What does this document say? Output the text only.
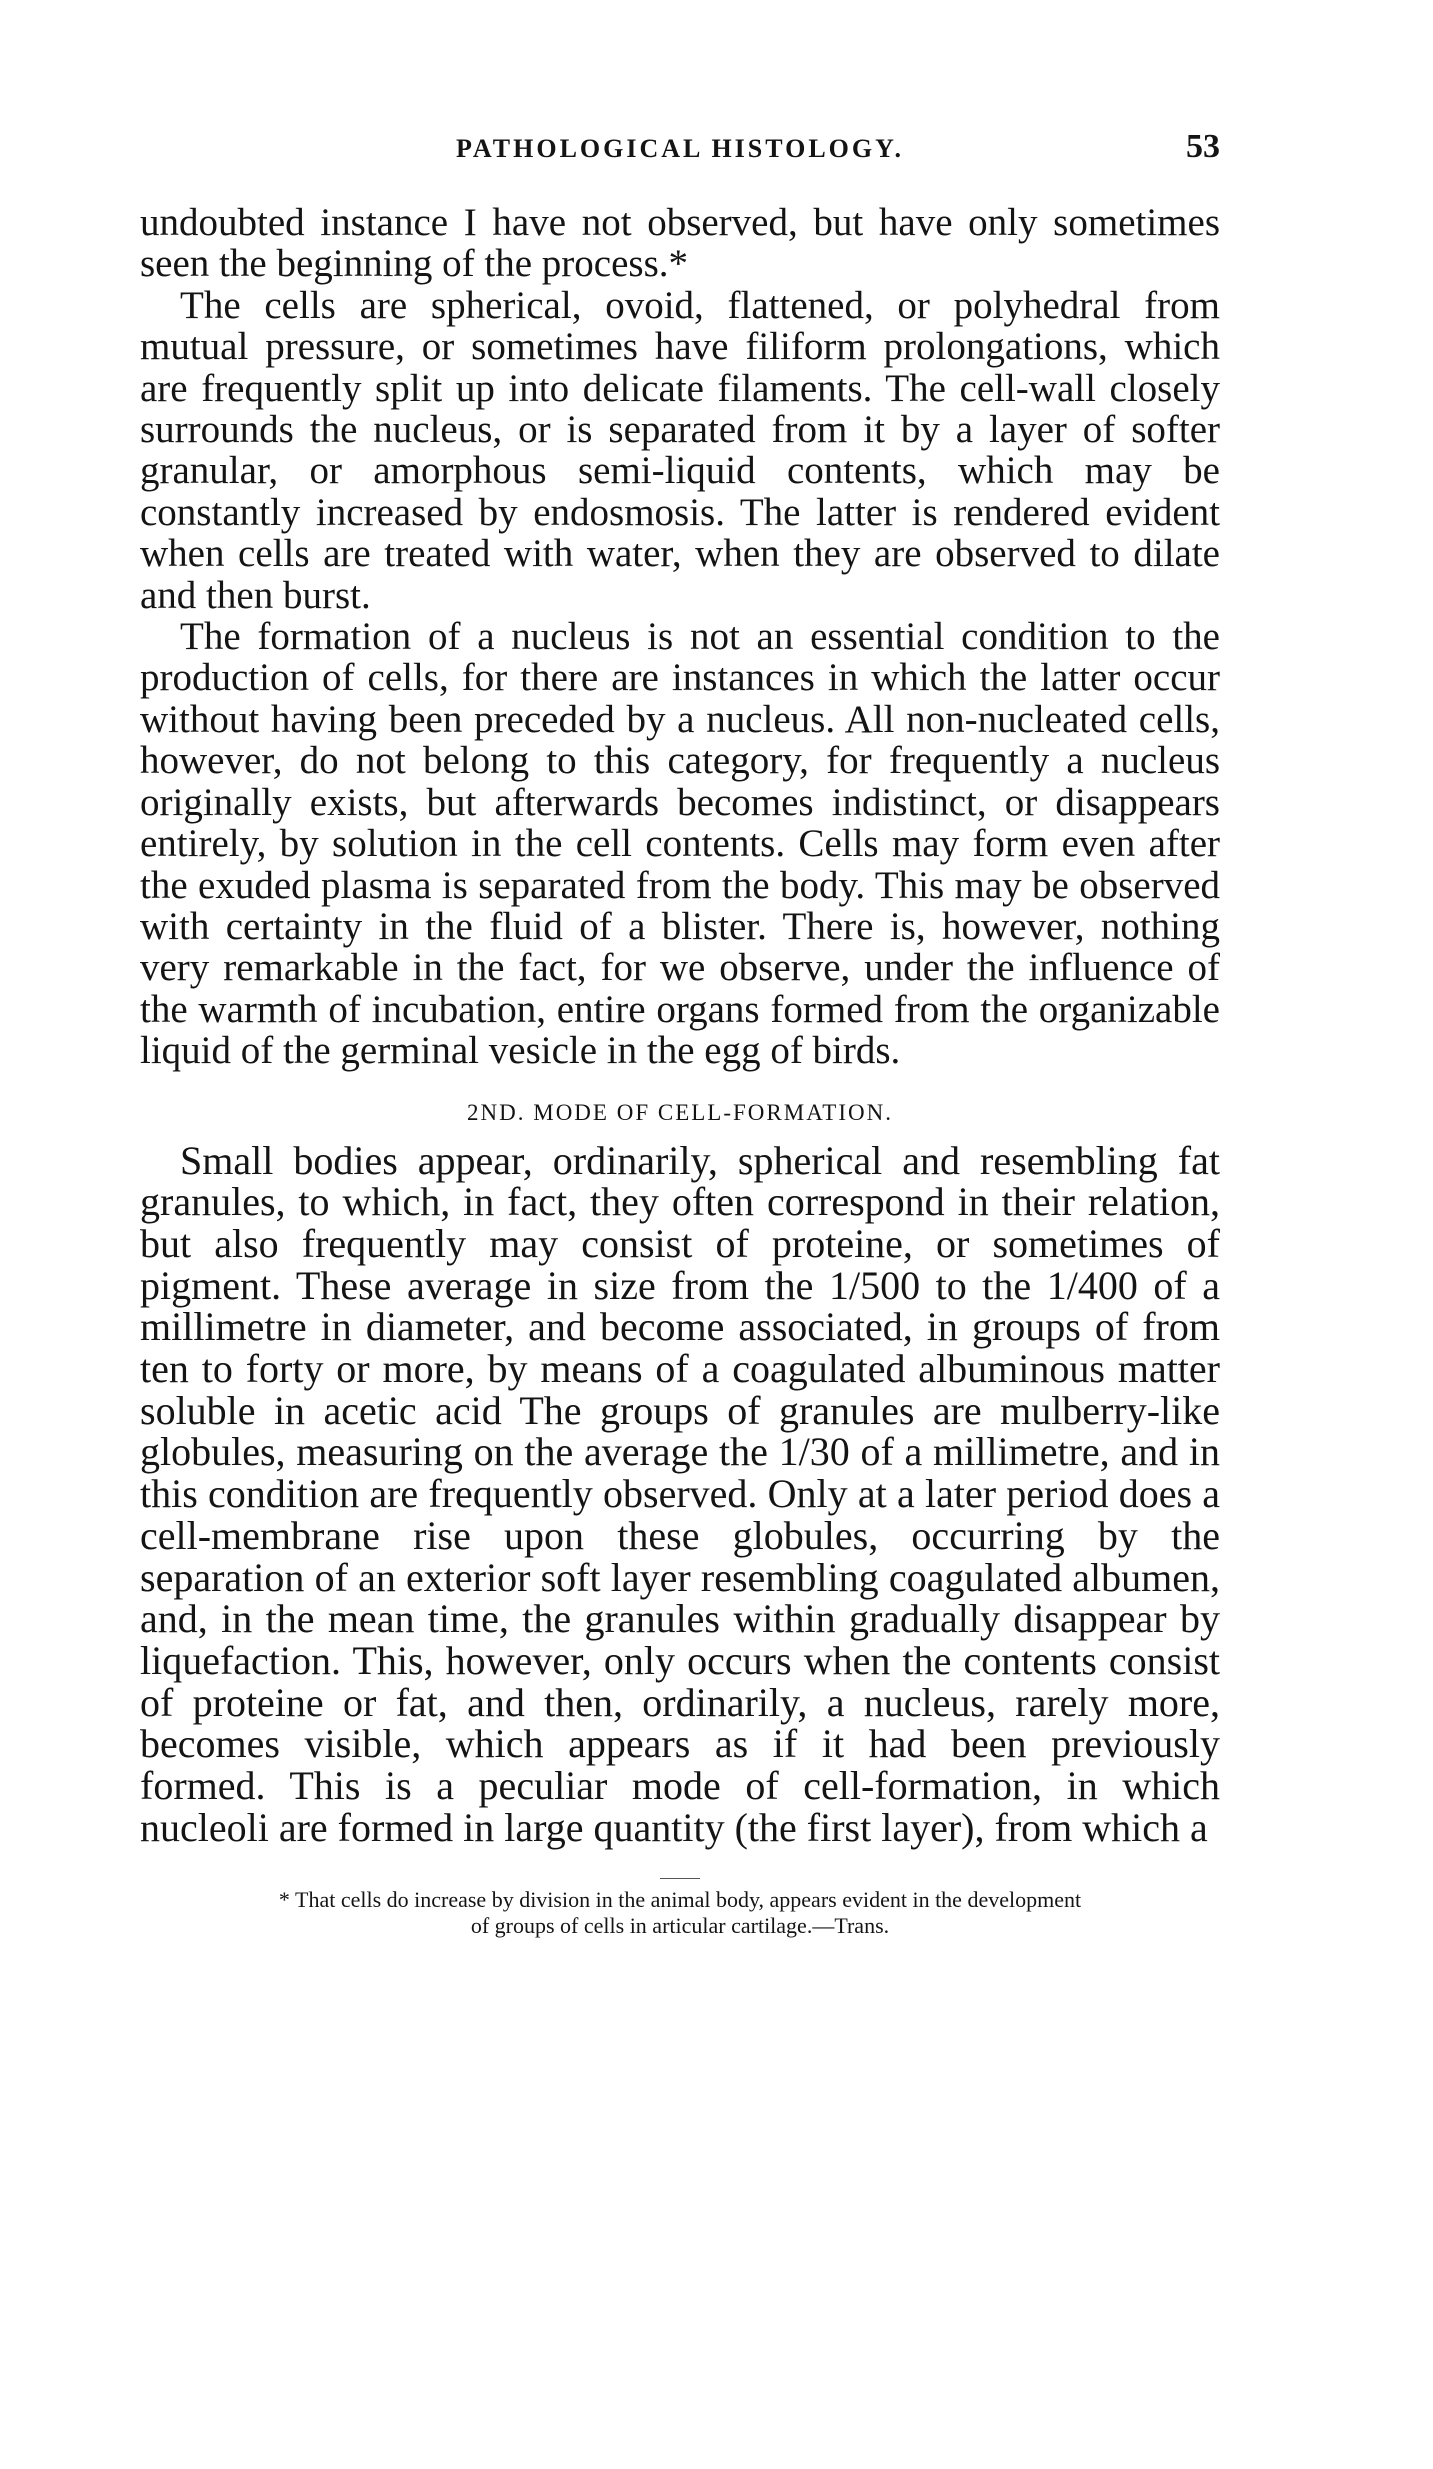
PATHOLOGICAL HISTOLOGY.	53

undoubted instance I have not observed, but have only sometimes seen the beginning of the process.*

The cells are spherical, ovoid, flattened, or polyhedral from mutual pressure, or sometimes have filiform prolongations, which are frequently split up into delicate filaments. The cell-wall closely surrounds the nucleus, or is separated from it by a layer of softer granular, or amorphous semi-liquid contents, which may be constantly increased by endosmosis. The latter is rendered evident when cells are treated with water, when they are observed to dilate and then burst.

The formation of a nucleus is not an essential condition to the production of cells, for there are instances in which the latter occur without having been preceded by a nucleus. All non-nucleated cells, however, do not belong to this category, for frequently a nucleus originally exists, but afterwards becomes indistinct, or disappears entirely, by solution in the cell contents. Cells may form even after the exuded plasma is separated from the body. This may be observed with certainty in the fluid of a blister. There is, however, nothing very remarkable in the fact, for we observe, under the influence of the warmth of incubation, entire organs formed from the organizable liquid of the germinal vesicle in the egg of birds.

2ND. MODE OF CELL-FORMATION.

Small bodies appear, ordinarily, spherical and resembling fat granules, to which, in fact, they often correspond in their relation, but also frequently may consist of proteine, or sometimes of pigment. These average in size from the 1/500 to the 1/400 of a millimetre in diameter, and become associated, in groups of from ten to forty or more, by means of a coagulated albuminous matter soluble in acetic acid The groups of granules are mulberry-like globules, measuring on the average the 1/30 of a millimetre, and in this condition are frequently observed. Only at a later period does a cell-membrane rise upon these globules, occurring by the separation of an exterior soft layer resembling coagulated albumen, and, in the mean time, the granules within gradually disappear by liquefaction. This, however, only occurs when the contents consist of proteine or fat, and then, ordinarily, a nucleus, rarely more, becomes visible, which appears as if it had been previously formed. This is a peculiar mode of cell-formation, in which nucleoli are formed in large quantity (the first layer), from which a

* That cells do increase by division in the animal body, appears evident in the development
of groups of cells in articular cartilage.—Trans.
